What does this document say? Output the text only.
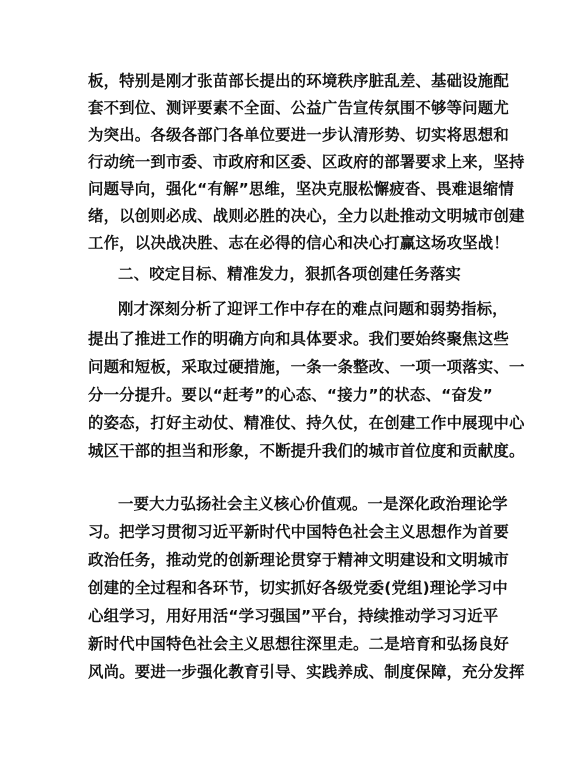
板，特别是刚才张苗部长提出的环境秩序脏乱差、基础设施配
套不到位、测评要素不全面、公益广告宣传氛围不够等问题尤
为突出。各级各部门各单位要进一步认清形势、切实将思想和
行动统一到市委、市政府和区委、区政府的部署要求上来，坚持
问题导向，强化“有解”思维，坚决克服松懈疲沓、畏难退缩情
绪，以创则必成、战则必胜的决心，全力以赴推动文明城市创建
工作，以决战决胜、志在必得的信心和决心打赢这场攻坚战！
二、咬定目标、精准发力，狠抓各项创建任务落实
刚才深刻分析了迎评工作中存在的难点问题和弱势指标，
提出了推进工作的明确方向和具体要求。我们要始终聚焦这些
问题和短板，采取过硬措施，一条一条整改、一项一项落实、一
分一分提升。要以“赶考”的心态、“接力”的状态、“奋发”
的姿态，打好主动仗、精准仗、持久仗，在创建工作中展现中心
城区干部的担当和形象，不断提升我们的城市首位度和贡献度。
一要大力弘扬社会主义核心价值观。一是深化政治理论学
习。把学习贯彻习近平新时代中国特色社会主义思想作为首要
政治任务，推动党的创新理论贯穿于精神文明建设和文明城市
创建的全过程和各环节，切实抓好各级党委(党组)理论学习中
心组学习，用好用活“学习强国”平台，持续推动学习习近平
新时代中国特色社会主义思想往深里走。二是培育和弘扬良好
风尚。要进一步强化教育引导、实践养成、制度保障，充分发挥
